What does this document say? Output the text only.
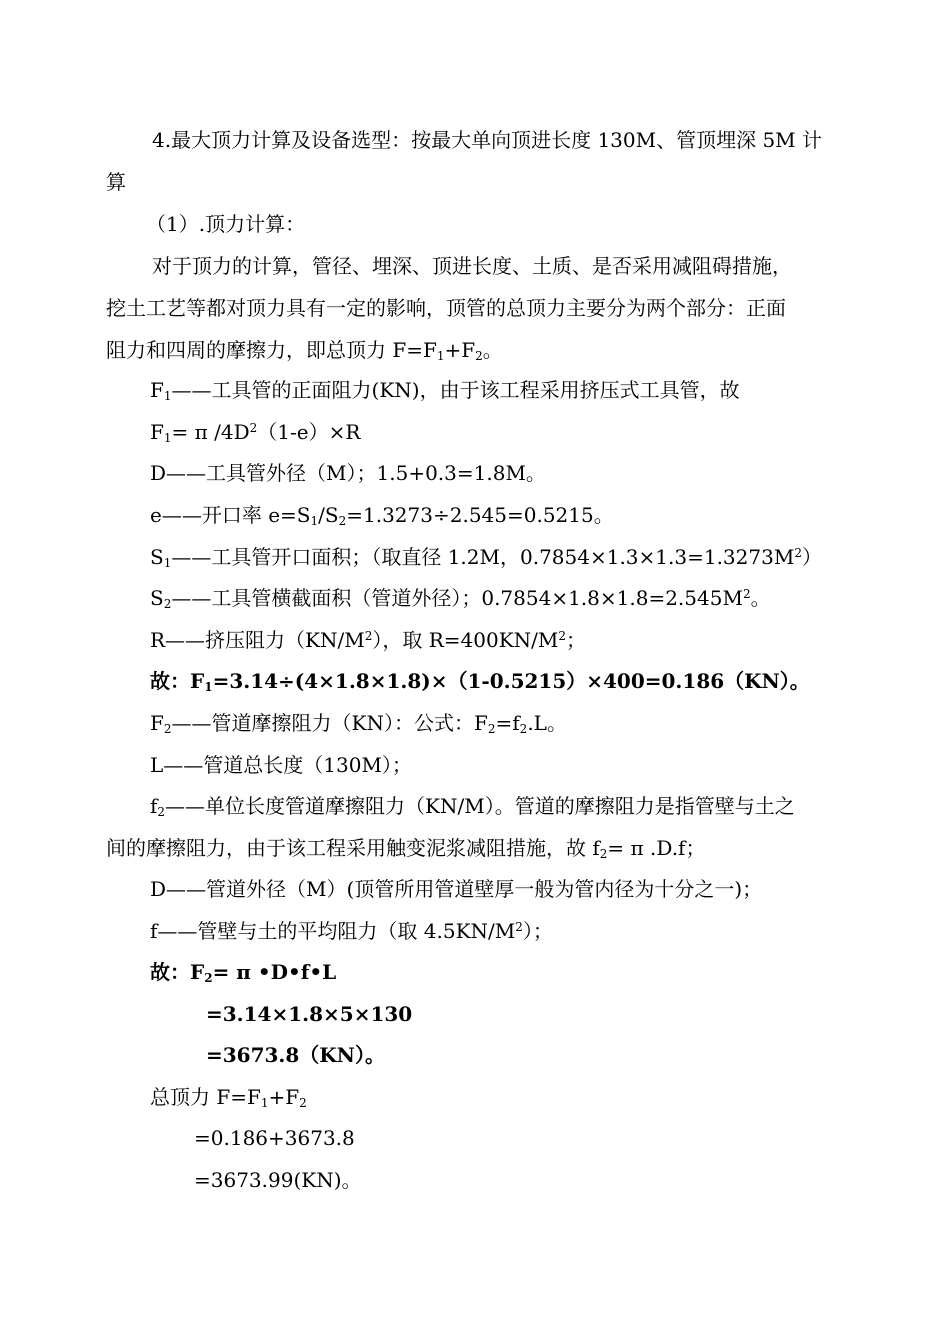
4.最大顶力计算及设备选型：按最大单向顶进长度 130M、管顶埋深 5M 计
算
（1）.顶力计算：
对于顶力的计算，管径、埋深、顶进长度、土质、是否采用减阻碍措施，
挖土工艺等都对顶力具有一定的影响，顶管的总顶力主要分为两个部分：正面
阻力和四周的摩擦力，即总顶力 $F=F_1+F_2$。
$F_1——$工具管的正面阻力(KN)，由于该工程采用挤压式工具管，故
$F_1= \pi$ $/4D^2(1-e)\times R$
D——工具管外径（M）；1.5+0.3=1.8M。
e——开口率 $e=S_1/S_2=1.3273\div 2.545=0.5215$。
$S_1——$工具管开口面积；（取直径 1.2M，$0.7854\times 1.3\times 1.3=1.3273M^2$）
$S_2——$工具管横截面积（管道外径）；$0.7854\times 1.8\times 1.8=2.545M^2$。
R——挤压阻力$(KN/M^2)$，取 $R=400KN/M^2$；
故：$F_1=3.14\div(4\times 1.8\times 1.8)\times(1-0.5215)\times 400=0.186(KN)$。
$F_2——$管道摩擦阻力（KN）：公式：$F_2=f_2.L$。
L——管道总长度（130M）；
$f_2——$单位长度管道摩擦阻力（KN/M）。管道的摩擦阻力是指管壁与土之
间的摩擦阻力，由于该工程采用触变泥浆减阻措施，故 $f_2= \pi$ .D.f；
D——管道外径（M）(顶管所用管道壁厚一般为管内径为十分之一)；
f——管壁与土的平均阻力（取 $4.5KN/M^2$）；
故：$F_2= \pi$ •D•f•L
=3.14×1.8×5×130
=3673.8（KN）。
总顶力 $F=F_1+F_2$
=0.186+3673.8
=3673.99(KN)。
